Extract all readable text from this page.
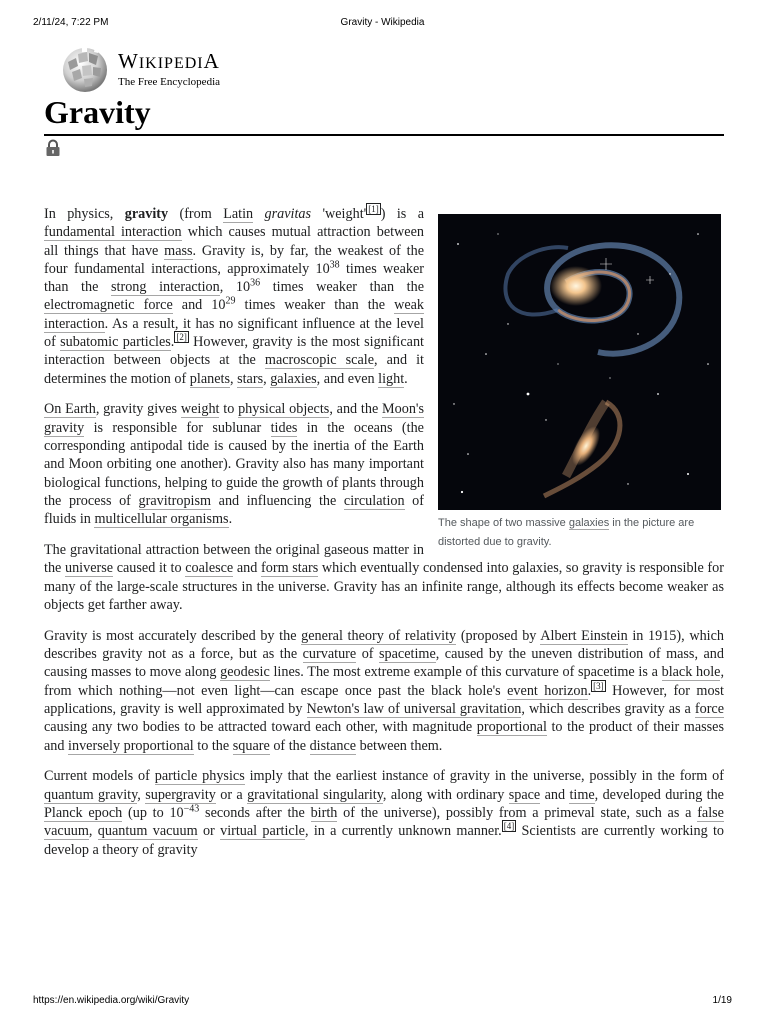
2/11/24, 7:22 PM	Gravity - Wikipedia
WIKIPEDIA
The Free Encyclopedia
Gravity
The shape of two massive galaxies in the picture are distorted due to gravity.

In physics, gravity (from Latin gravitas 'weight' [1] ) is a fundamental interaction which causes mutual attraction between all things that have mass. Gravity is, by far, the weakest of the four fundamental interactions, approximately $10^{38}$ times weaker than the strong interaction, $10^{36}$ times weaker than the electromagnetic force and $10^{29}$ times weaker than the weak interaction. As a result, it has no significant influence at the level of subatomic particles. [2] However, gravity is the most significant interaction between objects at the macroscopic scale, and it determines the motion of planets, stars, galaxies, and even light.

On Earth, gravity gives weight to physical objects, and the Moon's gravity is responsible for sublunar tides in the oceans (the corresponding antipodal tide is caused by the inertia of the Earth and Moon orbiting one another). Gravity also has many important biological functions, helping to guide the growth of plants through the process of gravitropism and influencing the circulation of fluids in multicellular organisms.

The gravitational attraction between the original gaseous matter in the universe caused it to coalesce and form stars which eventually condensed into galaxies, so gravity is responsible for many of the large-scale structures in the universe. Gravity has an infinite range, although its effects become weaker as objects get farther away.

Gravity is most accurately described by the general theory of relativity (proposed by Albert Einstein in 1915), which describes gravity not as a force, but as the curvature of spacetime, caused by the uneven distribution of mass, and causing masses to move along geodesic lines. The most extreme example of this curvature of spacetime is a black hole, from which nothing—not even light—can escape once past the black hole's event horizon. [3] However, for most applications, gravity is well approximated by Newton's law of universal gravitation, which describes gravity as a force causing any two bodies to be attracted toward each other, with magnitude proportional to the product of their masses and inversely proportional to the square of the distance between them.

Current models of particle physics imply that the earliest instance of gravity in the universe, possibly in the form of quantum gravity, supergravity or a gravitational singularity, along with ordinary space and time, developed during the Planck epoch (up to $10^{-43}$ seconds after the birth of the universe), possibly from a primeval state, such as a false vacuum, quantum vacuum or virtual particle, in a currently unknown manner. [4] Scientists are currently working to develop a theory of gravity

https://en.wikipedia.org/wiki/Gravity	1/19
